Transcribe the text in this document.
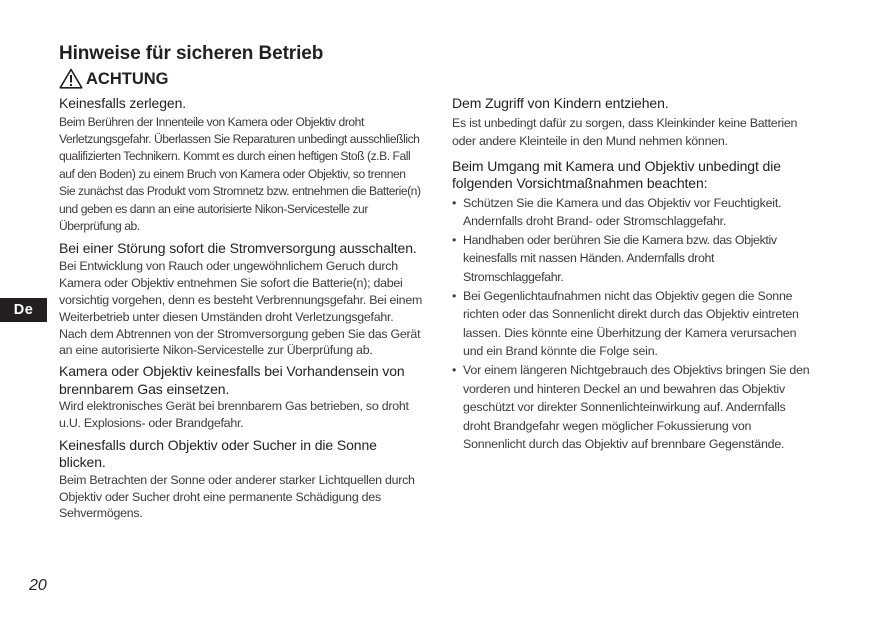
Hinweise für sicheren Betrieb
ACHTUNG

Keinesfalls zerlegen.

Beim Berühren der Innenteile von Kamera oder Objektiv droht Verletzungsgefahr. Überlassen Sie Reparaturen unbedingt ausschließlich qualifizierten Technikern. Kommt es durch einen heftigen Stoß (z.B. Fall auf den Boden) zu einem Bruch von Kamera oder Objektiv, so trennen Sie zunächst das Produkt vom Stromnetz bzw. entnehmen die Batterie(n) und geben es dann an eine autorisierte Nikon-Servicestelle zur Überprüfung ab.

Bei einer Störung sofort die Stromversorgung ausschalten.

Bei Entwicklung von Rauch oder ungewöhnlichem Geruch durch Kamera oder Objektiv entnehmen Sie sofort die Batterie(n); dabei vorsichtig vorgehen, denn es besteht Verbrennungsgefahr. Bei einem Weiterbetrieb unter diesen Umständen droht Verletzungsgefahr.
Nach dem Abtrennen von der Stromversorgung geben Sie das Gerät an eine autorisierte Nikon-Servicestelle zur Überprüfung ab.

Kamera oder Objektiv keinesfalls bei Vorhandensein von brennbarem Gas einsetzen.

Wird elektronisches Gerät bei brennbarem Gas betrieben, so droht u.U. Explosions- oder Brandgefahr.

Keinesfalls durch Objektiv oder Sucher in die Sonne blicken.

Beim Betrachten der Sonne oder anderer starker Lichtquellen durch Objektiv oder Sucher droht eine permanente Schädigung des Sehvermögens.

Dem Zugriff von Kindern entziehen.

Es ist unbedingt dafür zu sorgen, dass Kleinkinder keine Batterien oder andere Kleinteile in den Mund nehmen können.

Beim Umgang mit Kamera und Objektiv unbedingt die folgenden Vorsichtmaßnahmen beachten:

• Schützen Sie die Kamera und das Objektiv vor Feuchtigkeit. Andernfalls droht Brand- oder Stromschlaggefahr.
• Handhaben oder berühren Sie die Kamera bzw. das Objektiv keinesfalls mit nassen Händen. Andernfalls droht Stromschlaggefahr.
• Bei Gegenlichtaufnahmen nicht das Objektiv gegen die Sonne richten oder das Sonnenlicht direkt durch das Objektiv eintreten lassen. Dies könnte eine Überhitzung der Kamera verursachen und ein Brand könnte die Folge sein.
• Vor einem längeren Nichtgebrauch des Objektivs bringen Sie den vorderen und hinteren Deckel an und bewahren das Objektiv geschützt vor direkter Sonnenlichteinwirkung auf. Andernfalls droht Brandgefahr wegen möglicher Fokussierung von Sonnenlicht durch das Objektiv auf brennbare Gegenstände.
De
20
